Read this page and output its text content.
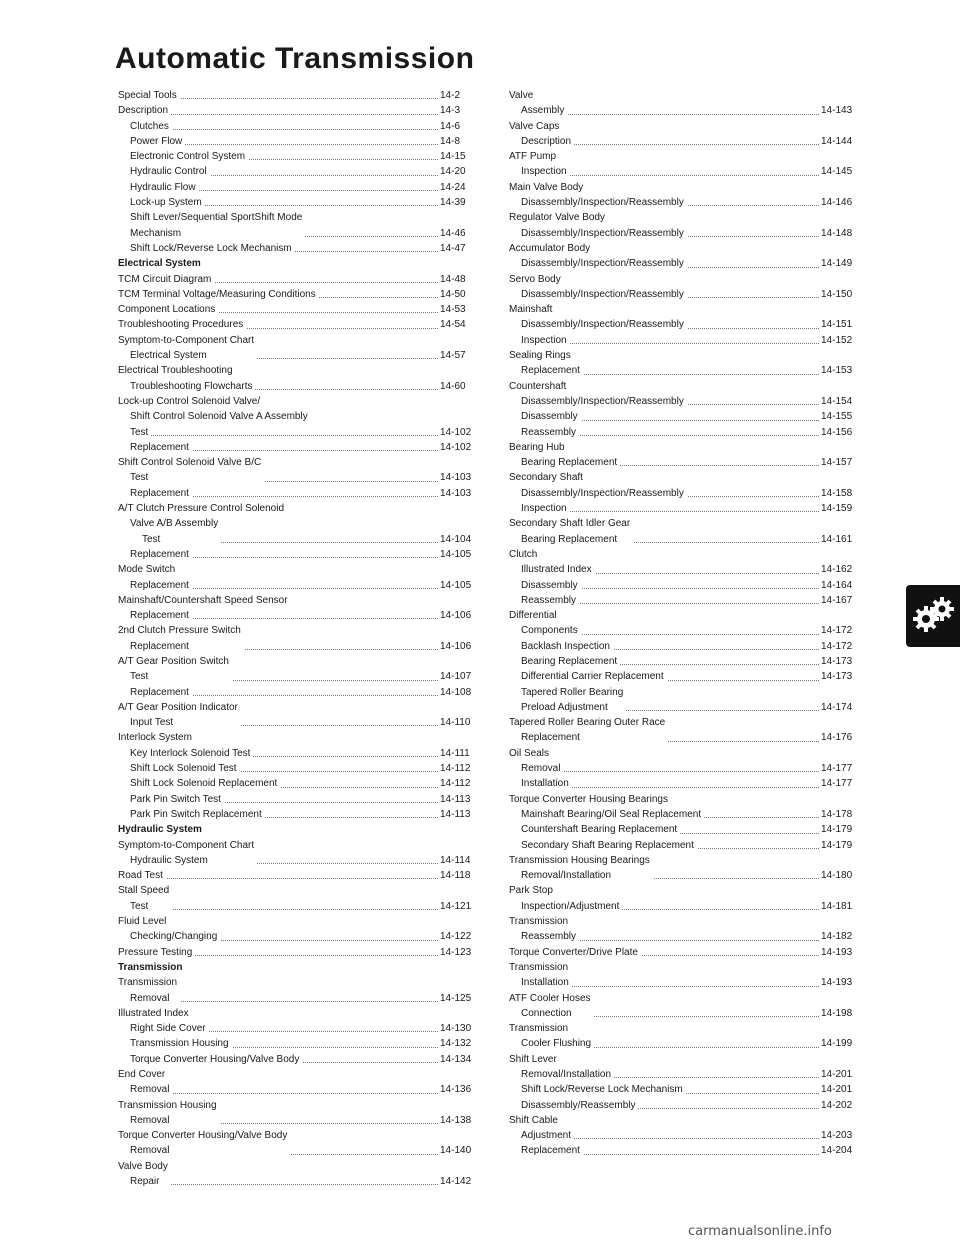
Automatic Transmission
Special Tools	14-2
Description	14-3
Clutches	14-6
Power Flow	14-8
Electronic Control System	14-15
Hydraulic Control	14-20
Hydraulic Flow	14-24
Lock-up System	14-39
Shift Lever/Sequential SportShift Mode
Mechanism	14-46
Shift Lock/Reverse Lock Mechanism	14-47
Electrical System
TCM Circuit Diagram	14-48
TCM Terminal Voltage/Measuring Conditions	14-50
Component Locations	14-53
Troubleshooting Procedures	14-54
Symptom-to-Component Chart
Electrical System	14-57
Electrical Troubleshooting
Troubleshooting Flowcharts	14-60
Lock-up Control Solenoid Valve/
Shift Control Solenoid Valve A Assembly
Test	14-102
Replacement	14-102
Shift Control Solenoid Valve B/C
Test	14-103
Replacement	14-103
A/T Clutch Pressure Control Solenoid
Valve A/B Assembly
Test	14-104
Replacement	14-105
Mode Switch
Replacement	14-105
Mainshaft/Countershaft Speed Sensor
Replacement	14-106
2nd Clutch Pressure Switch
Replacement	14-106
A/T Gear Position Switch
Test	14-107
Replacement	14-108
A/T Gear Position Indicator
Input Test	14-110
Interlock System
Key Interlock Solenoid Test	14-111
Shift Lock Solenoid Test	14-112
Shift Lock Solenoid Replacement	14-112
Park Pin Switch Test	14-113
Park Pin Switch Replacement	14-113
Hydraulic System
Symptom-to-Component Chart
Hydraulic System	14-114
Road Test	14-118
Stall Speed
Test	14-121
Fluid Level
Checking/Changing	14-122
Pressure Testing	14-123
Transmission
Transmission
Removal	14-125
Illustrated Index
Right Side Cover	14-130
Transmission Housing	14-132
Torque Converter Housing/Valve Body	14-134
End Cover
Removal	14-136
Transmission Housing
Removal	14-138
Torque Converter Housing/Valve Body
Removal	14-140
Valve Body
Repair	14-142
Valve
Assembly	14-143
Valve Caps
Description	14-144
ATF Pump
Inspection	14-145
Main Valve Body
Disassembly/Inspection/Reassembly	14-146
Regulator Valve Body
Disassembly/Inspection/Reassembly	14-148
Accumulator Body
Disassembly/Inspection/Reassembly	14-149
Servo Body
Disassembly/Inspection/Reassembly	14-150
Mainshaft
Disassembly/Inspection/Reassembly	14-151
Inspection	14-152
Sealing Rings
Replacement	14-153
Countershaft
Disassembly/Inspection/Reassembly	14-154
Disassembly	14-155
Reassembly	14-156
Bearing Hub
Bearing Replacement	14-157
Secondary Shaft
Disassembly/Inspection/Reassembly	14-158
Inspection	14-159
Secondary Shaft Idler Gear
Bearing Replacement	14-161
Clutch
Illustrated Index	14-162
Disassembly	14-164
Reassembly	14-167
Differential
Components	14-172
Backlash Inspection	14-172
Bearing Replacement	14-173
Differential Carrier Replacement	14-173
Tapered Roller Bearing
Preload Adjustment	14-174
Tapered Roller Bearing Outer Race
Replacement	14-176
Oil Seals
Removal	14-177
Installation	14-177
Torque Converter Housing Bearings
Mainshaft Bearing/Oil Seal Replacement	14-178
Countershaft Bearing Replacement	14-179
Secondary Shaft Bearing Replacement	14-179
Transmission Housing Bearings
Removal/Installation	14-180
Park Stop
Inspection/Adjustment	14-181
Transmission
Reassembly	14-182
Torque Converter/Drive Plate	14-193
Transmission
Installation	14-193
ATF Cooler Hoses
Connection	14-198
Transmission
Cooler Flushing	14-199
Shift Lever
Removal/Installation	14-201
Shift Lock/Reverse Lock Mechanism	14-201
Disassembly/Reassembly	14-202
Shift Cable
Adjustment	14-203
Replacement	14-204
carmanualsonline.info
